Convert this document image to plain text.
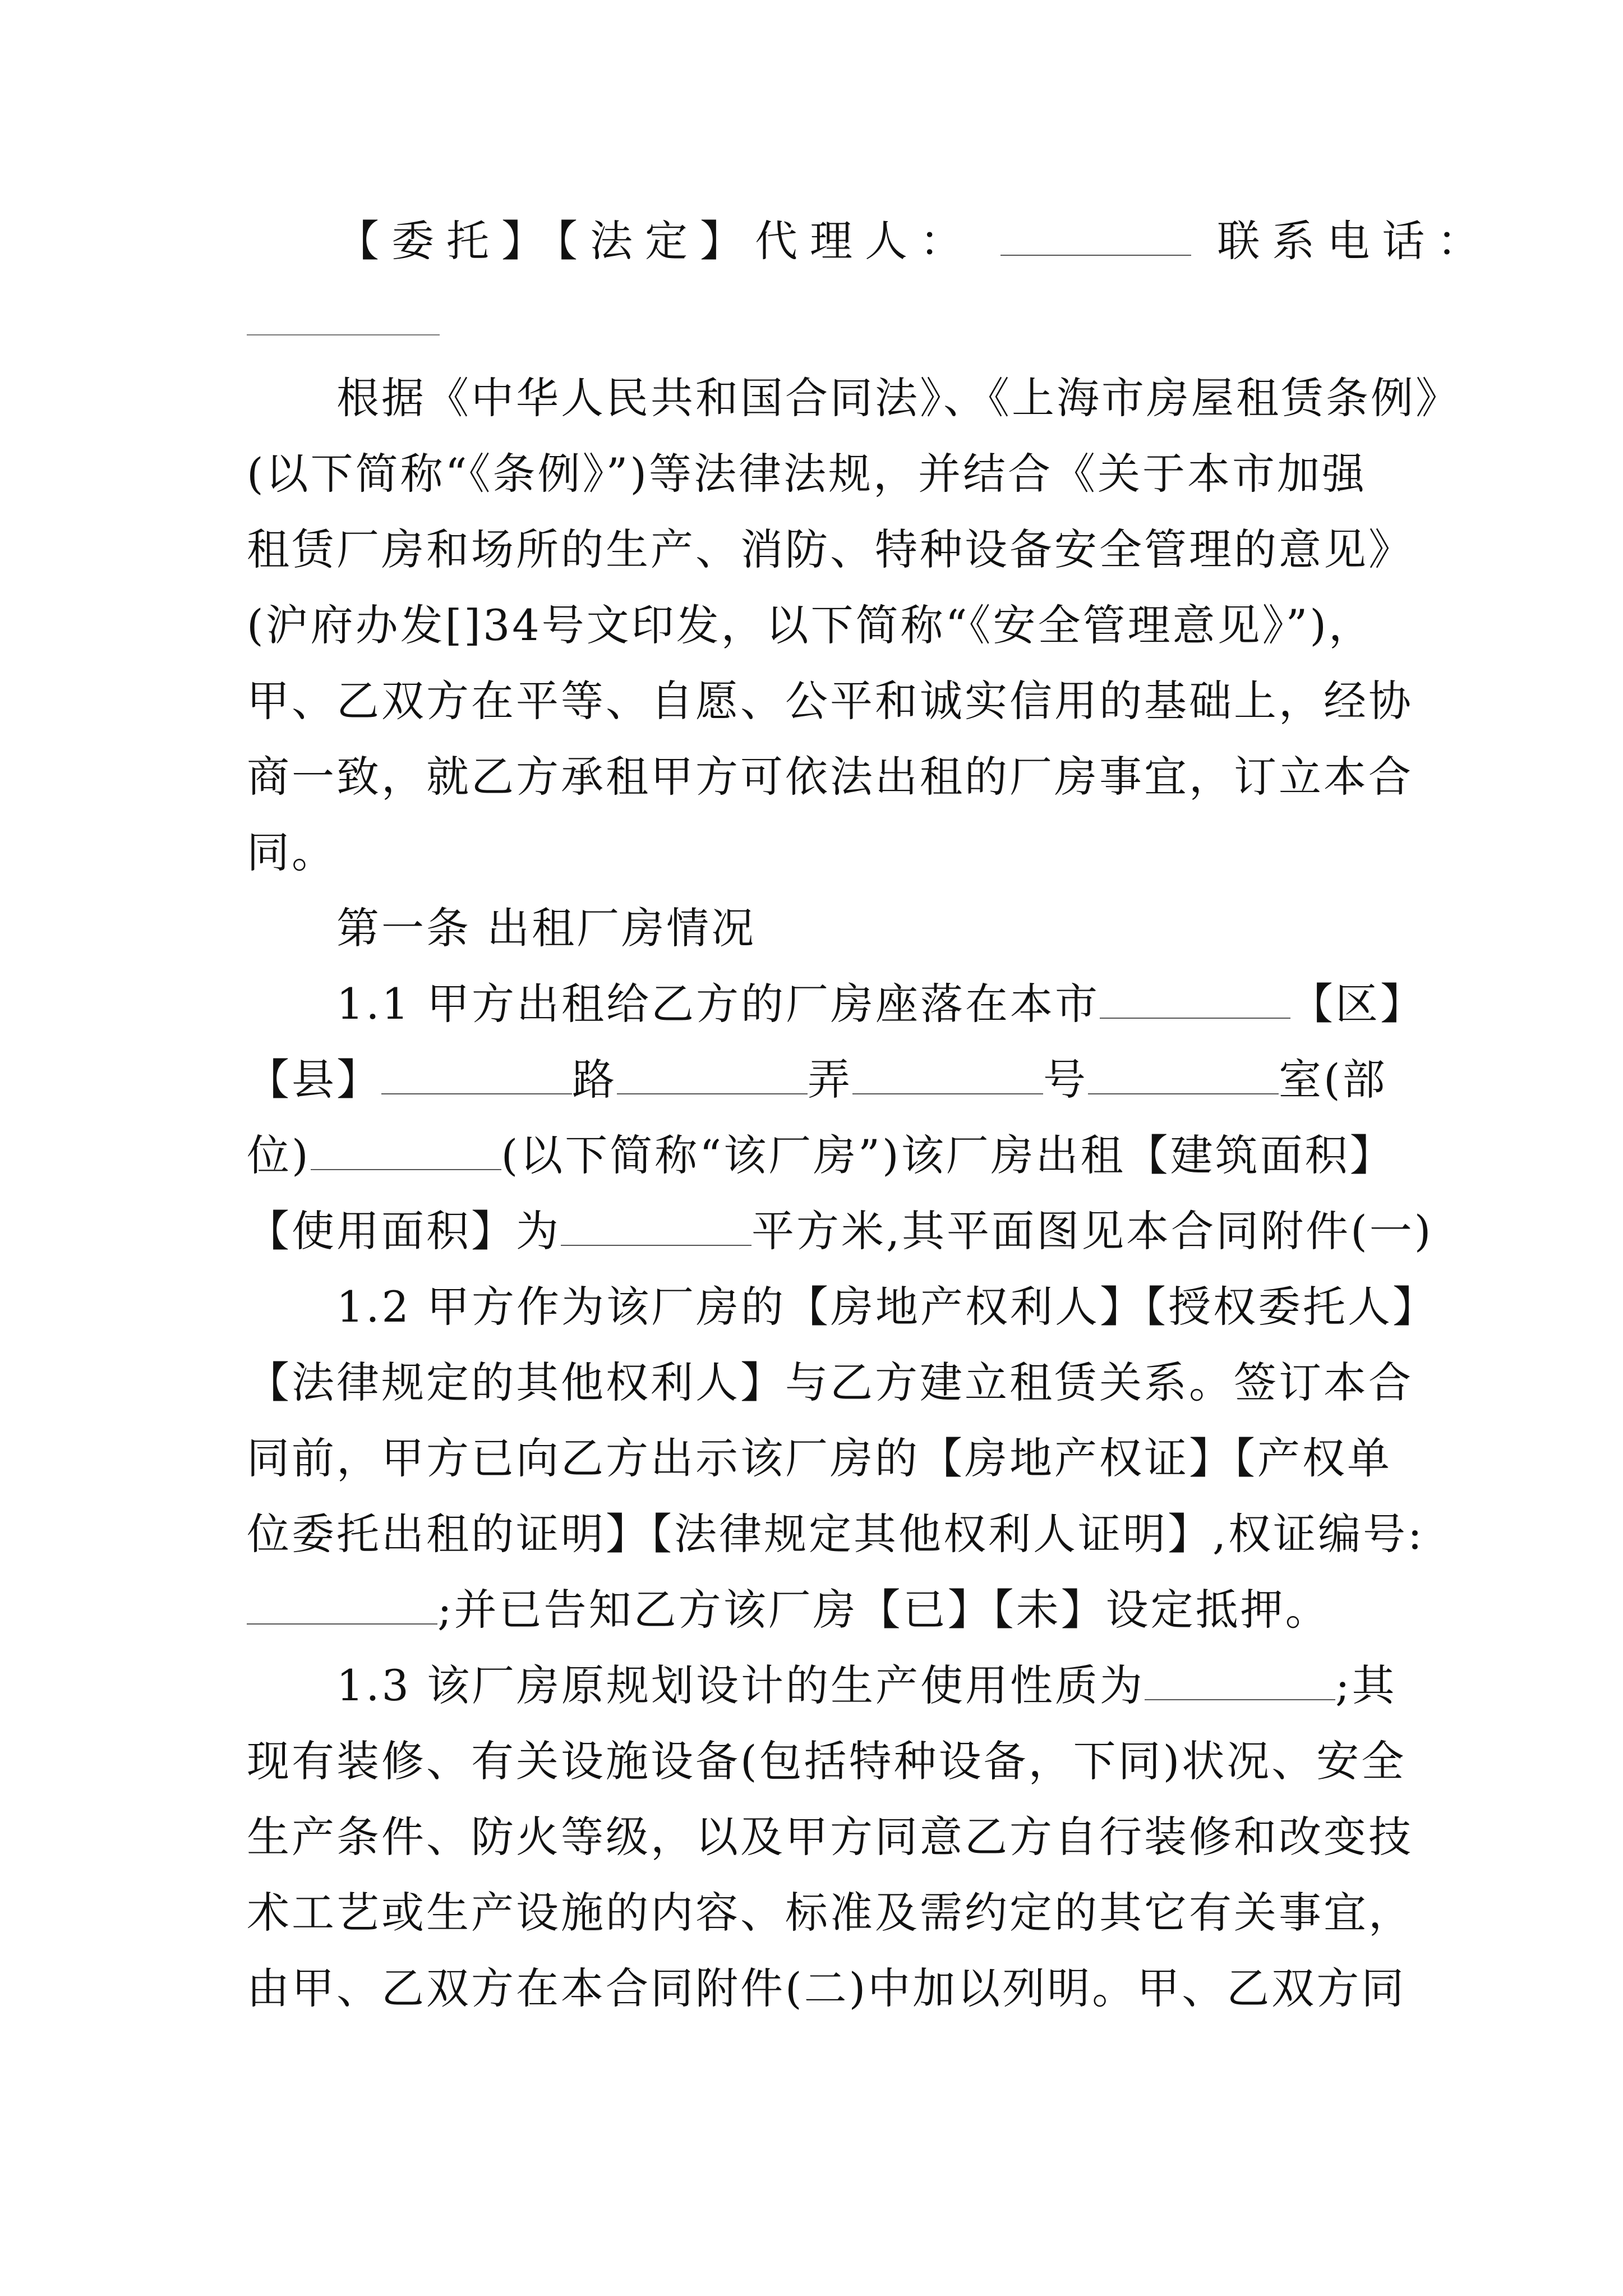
【委托】【法定】代理人：	联系电话：
根据《中华人民共和国合同法》、《上海市房屋租赁条例》
(以下简称“《条例》”)等法律法规，并结合《关于本市加强
租赁厂房和场所的生产、消防、特种设备安全管理的意见》
(沪府办发[]34号文印发，以下简称“《安全管理意见》”)，
甲、乙双方在平等、自愿、公平和诚实信用的基础上，经协
商一致，就乙方承租甲方可依法出租的厂房事宜，订立本合
同。
第一条 出租厂房情况
1.1 甲方出租给乙方的厂房座落在本市	【区】
【县】	路	弄	号	室(部
位)	(以下简称“该厂房”)该厂房出租【建筑面积】
【使用面积】为	平方米,其平面图见本合同附件(一)
1.2 甲方作为该厂房的【房地产权利人】【授权委托人】
【法律规定的其他权利人】与乙方建立租赁关系。签订本合
同前，甲方已向乙方出示该厂房的【房地产权证】【产权单
位委托出租的证明】【法律规定其他权利人证明】,权证编号:
;并已告知乙方该厂房【已】【未】设定抵押。
1.3 该厂房原规划设计的生产使用性质为	;其
现有装修、有关设施设备(包括特种设备，下同)状况、安全
生产条件、防火等级，以及甲方同意乙方自行装修和改变技
术工艺或生产设施的内容、标准及需约定的其它有关事宜，
由甲、乙双方在本合同附件(二)中加以列明。甲、乙双方同
